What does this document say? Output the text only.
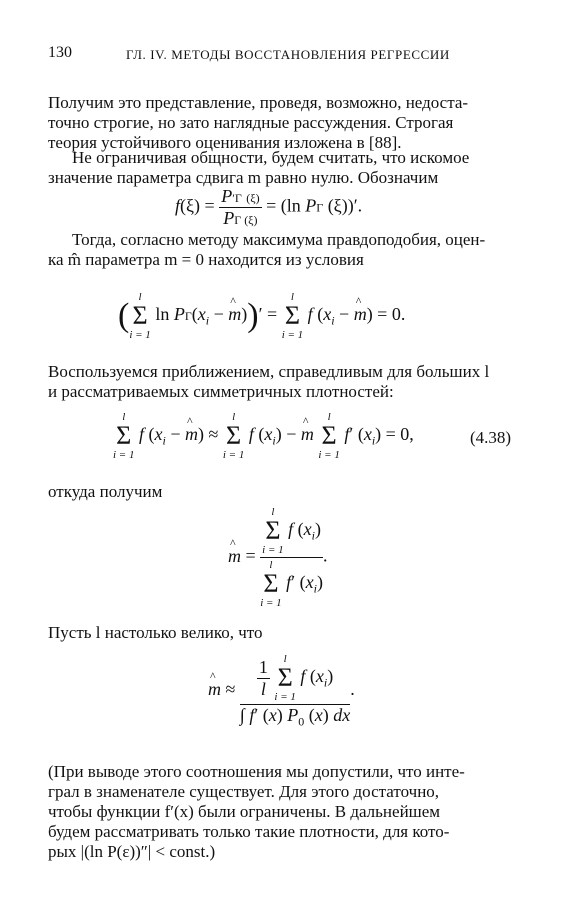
130	ГЛ. IV. МЕТОДЫ ВОССТАНОВЛЕНИЯ РЕГРЕССИИ

Получим это представление, проведя, возможно, недоста-
точно строгие, но зато наглядные рассуждения. Строгая
теория устойчивого оценивания изложена в [88].

Не ограничивая общности, будем считать, что искомое
значение параметра сдвига m равно нулю. Обозначим

$f(\xi) = \frac{P'\Gamma (\xi)}{P\Gamma (\xi)} = (\ln$ PΓ (ξ))′.

Тогда, согласно методу максимума правдоподобия, оцен-
ка m̂ параметра m = 0 находится из условия

( l
Σ
i = 1
$\ln P\Gamma(x_i$ − ^ m))′ =
l
Σ
i = 1
f ($x_i$ − ^ m) = 0.

Воспользуемся приближением, справедливым для больших l
и рассматриваемых симметричных плотностей:

l
Σ
i = 1
f ($x_i$ − ^ m) ≈
l
Σ
i = 1
f $(x_i)$ − ^ m
l
Σ
i = 1
f′ $(x_i) = 0$,	(4.38)

откуда получим

^ m = l
Σ
i = 1
f $(x_i)$
l
Σ
i = 1
f′ $(x_i)$ .

Пусть l настолько велико, что

^ $m \approx \frac{1}{l}$
	l
Σ
i = 1
f $(x_i)$
∫ f′ (x) $P_0$ (x) dx .

(При выводе этого соотношения мы допустили, что инте-
грал в знаменателе существует. Для этого достаточно,
чтобы функции f′(x) были ограничены. В дальнейшем
будем рассматривать только такие плотности, для кото-
рых |(ln P(ε))″| < const.)
